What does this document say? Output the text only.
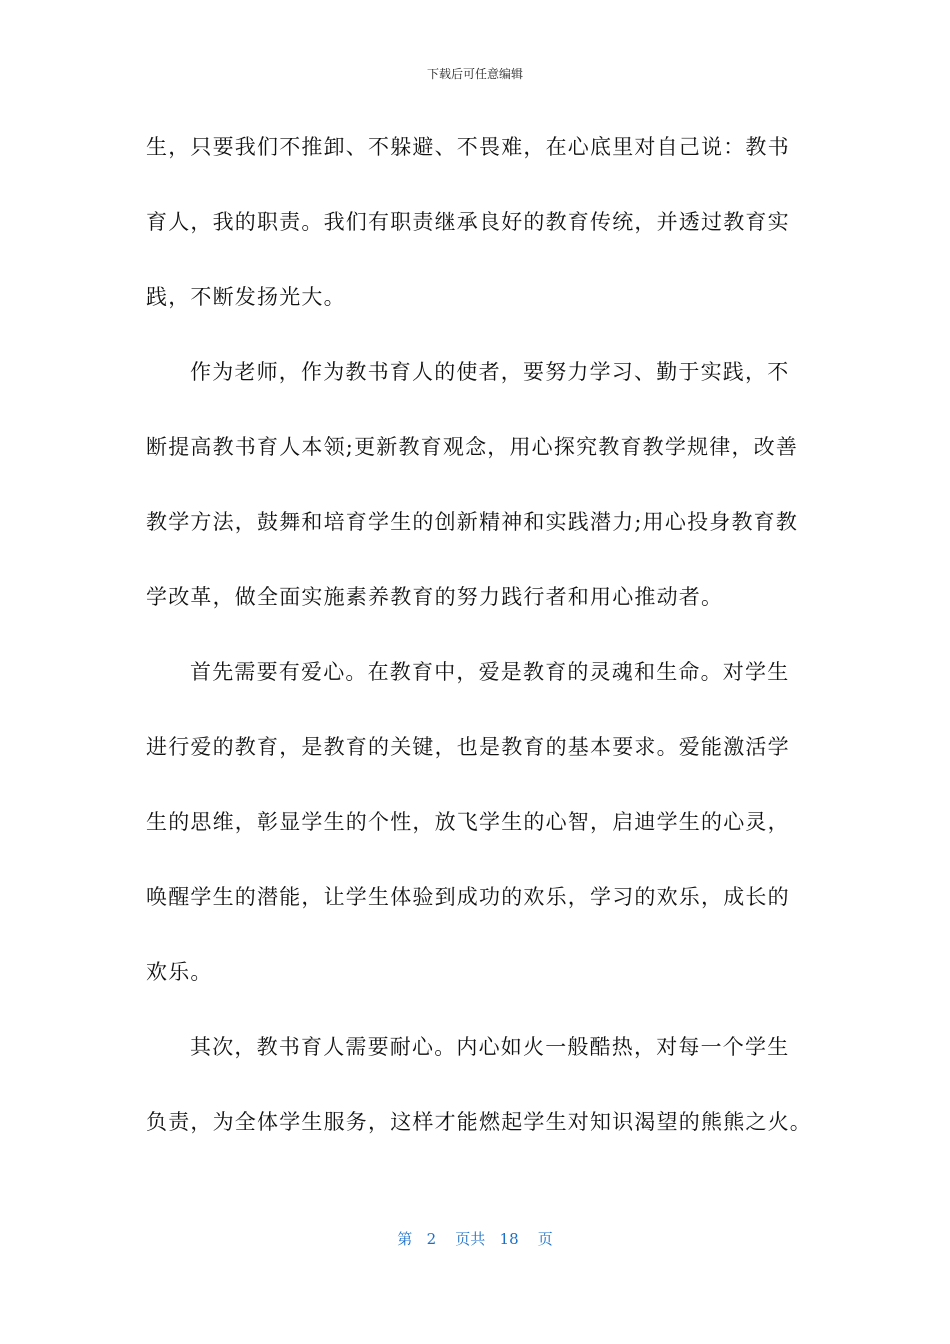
下载后可任意编辑
生，只要我们不推卸、不躲避、不畏难，在心底里对自己说：教书
育人，我的职责。我们有职责继承良好的教育传统，并透过教育实
践，不断发扬光大。
作为老师，作为教书育人的使者，要努力学习、勤于实践，不
断提高教书育人本领;更新教育观念，用心探究教育教学规律，改善
教学方法，鼓舞和培育学生的创新精神和实践潜力;用心投身教育教
学改革，做全面实施素养教育的努力践行者和用心推动者。
首先需要有爱心。在教育中，爱是教育的灵魂和生命。对学生
进行爱的教育，是教育的关键，也是教育的基本要求。爱能激活学
生的思维，彰显学生的个性，放飞学生的心智，启迪学生的心灵，
唤醒学生的潜能，让学生体验到成功的欢乐，学习的欢乐，成长的
欢乐。
其次，教书育人需要耐心。内心如火一般酷热，对每一个学生
负责，为全体学生服务，这样才能燃起学生对知识渴望的熊熊之火。
第 2 页共 18 页
